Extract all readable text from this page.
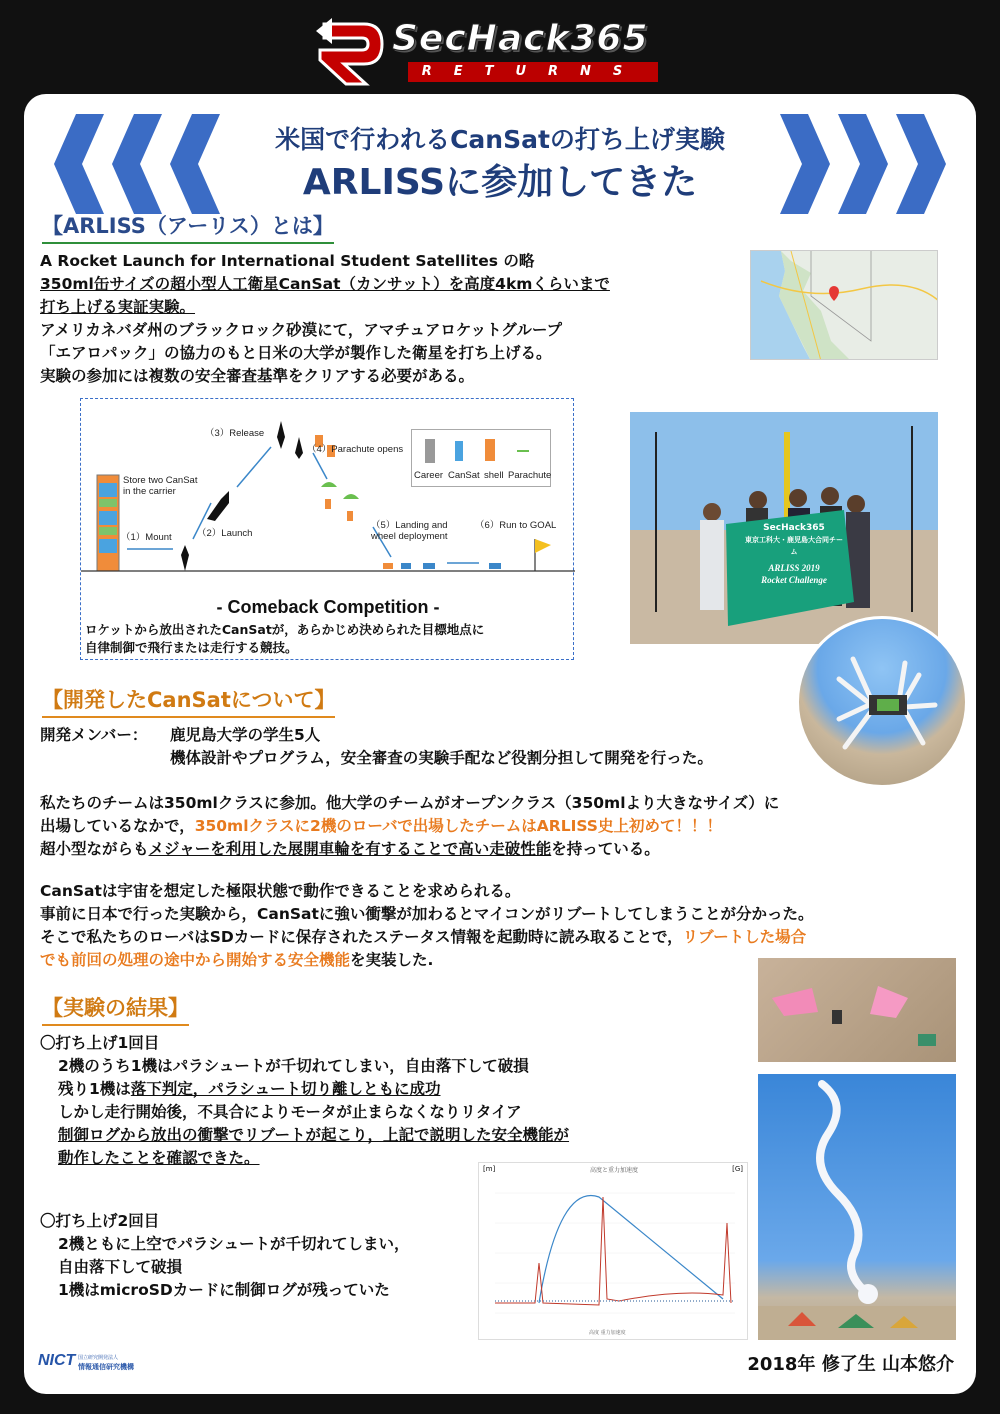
SecHack365
RETURNS
米国で行われるCanSatの打ち上げ実験
ARLISSに参加してきた
【ARLISS（アーリス）とは】
A Rocket Launch for International Student Satellites の略
350ml缶サイズの超小型人工衛星CanSat（カンサット）を高度4kmくらいまで
打ち上げる実証実験。
アメリカネバダ州のブラックロック砂漠にて，アマチュアロケットグループ
「エアロパック」の協力のもと日米の大学が製作した衛星を打ち上げる。
実験の参加には複数の安全審査基準をクリアする必要がある。
Career CanSat shell Parachute
Store two CanSat in the carrier
（1）Mount	（2）Launch
（3）Release
（4）Parachute opens
（5）Landing and wheel deployment
（6）Run to GOAL
- Comeback Competition -
ロケットから放出されたCanSatが，あらかじめ決められた目標地点に
自律制御で飛行または走行する競技。
SecHack365
東京工科大・鹿児島大合同チーム
ARLISS 2019
Rocket Challenge
【開発したCanSatについて】
開発メンバー： 鹿児島大学の学生5人
機体設計やプログラム，安全審査の実験手配など役割分担して開発を行った。
私たちのチームは350mlクラスに参加。他大学のチームがオープンクラス（350mlより大きなサイズ）に
出場しているなかで，350mlクラスに2機のローバで出場したチームはARLISS史上初めて！！！
超小型ながらもメジャーを利用した展開車輪を有することで高い走破性能を持っている。
CanSatは宇宙を想定した極限状態で動作できることを求められる。
事前に日本で行った実験から，CanSatに強い衝撃が加わるとマイコンがリブートしてしまうことが分かった。
そこで私たちのローバはSDカードに保存されたステータス情報を起動時に読み取ることで，リブートした場合
でも前回の処理の途中から開始する安全機能を実装した.
【実験の結果】
〇打ち上げ1回目
2機のうち1機はパラシュートが千切れてしまい，自由落下して破損
残り1機は落下判定，パラシュート切り離しともに成功
しかし走行開始後，不具合によりモータが止まらなくなりリタイア
制御ログから放出の衝撃でリブートが起こり，上記で説明した安全機能が
動作したことを確認できた。
〇打ち上げ2回目
2機ともに上空でパラシュートが千切れてしまい，
自由落下して破損
1機はmicroSDカードに制御ログが残っていた
高度と重力加速度
[m]	[G]
高度 重力加速度
NICT 国立研究開発法人
情報通信研究機構	2018年 修了生 山本悠介
